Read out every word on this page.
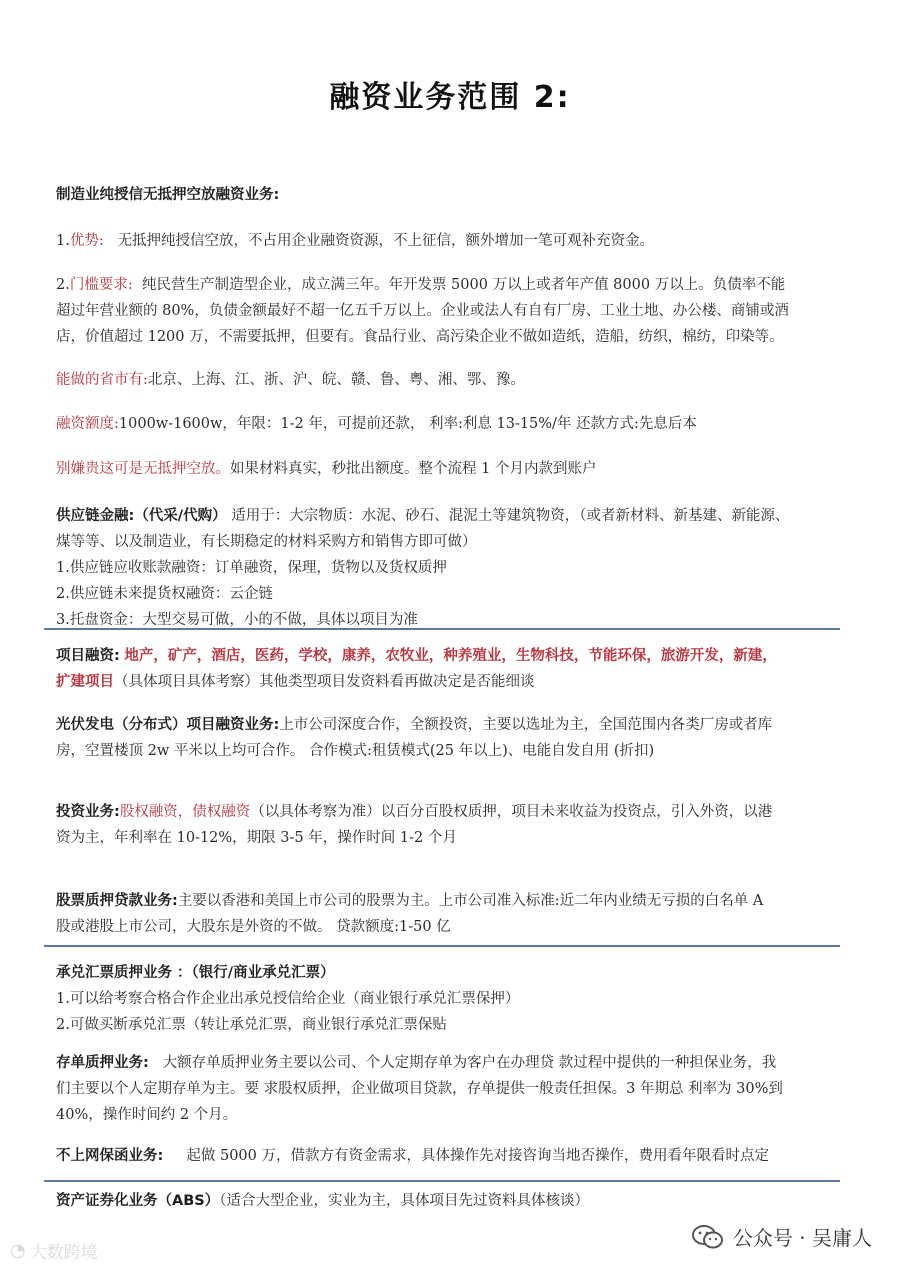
融资业务范围 2:
制造业纯授信无抵押空放融资业务:
1.优势: 无抵押纯授信空放，不占用企业融资资源，不上征信，额外增加一笔可观补充资金。
2.门槛要求: 纯民营生产制造型企业，成立满三年。年开发票 5000 万以上或者年产值 8000 万以上。负债率不能
超过年营业额的 80%，负债金额最好不超一亿五千万以上。企业或法人有自有厂房、工业土地、办公楼、商铺或酒
店，价值超过 1200 万，不需要抵押，但要有。食品行业、高污染企业不做如造纸，造船，纺织，棉纺，印染等。
能做的省市有:北京、上海、江、浙、沪、皖、赣、鲁、粤、湘、鄂、豫。
融资额度:1000w-1600w，年限：1-2 年，可提前还款， 利率:利息 13-15%/年 还款方式:先息后本
别嫌贵这可是无抵押空放。如果材料真实，秒批出额度。整个流程 1 个月内款到账户
供应链金融:（代采/代购） 适用于：大宗物质：水泥、砂石、混泥土等建筑物资，（或者新材料、新基建、新能源、
煤等等、以及制造业，有长期稳定的材料采购方和销售方即可做）
1.供应链应收账款融资：订单融资，保理，货物以及货权质押
2.供应链未来提货权融资：云企链
3.托盘资金：大型交易可做，小的不做，具体以项目为准
项目融资: 地产，矿产，酒店，医药，学校，康养，农牧业，种养殖业，生物科技，节能环保，旅游开发，新建，
扩建项目（具体项目具体考察）其他类型项目发资料看再做决定是否能细谈
光伏发电（分布式）项目融资业务:上市公司深度合作，全额投资，主要以选址为主，全国范围内各类厂房或者库
房，空置楼顶 2w 平米以上均可合作。 合作模式:租赁模式(25 年以上)、电能自发自用 (折扣)
投资业务:股权融资，债权融资（以具体考察为准）以百分百股权质押，项目未来收益为投资点，引入外资，以港
资为主，年利率在 10-12%，期限 3-5 年，操作时间 1-2 个月
股票质押贷款业务:主要以香港和美国上市公司的股票为主。上市公司准入标准:近二年内业绩无亏损的白名单 A
股或港股上市公司，大股东是外资的不做。 贷款额度:1-50 亿
承兑汇票质押业务 ：（银行/商业承兑汇票）
1.可以给考察合格合作企业出承兑授信给企业（商业银行承兑汇票保押）
2.可做买断承兑汇票（转让承兑汇票，商业银行承兑汇票保贴
存单质押业务: 大额存单质押业务主要以公司、个人定期存单为客户在办理贷 款过程中提供的一种担保业务，我
们主要以个人定期存单为主。要 求股权质押，企业做项目贷款，存单提供一般责任担保。3 年期总 利率为 30%到
40%，操作时间约 2 个月。
不上网保函业务: 起做 5000 万，借款方有资金需求，具体操作先对接咨询当地否操作，费用看年限看时点定
资产证券化业务（ABS）（适合大型企业，实业为主，具体项目先过资料具体核谈）
◔ 大数跨境
公众号 · 吴庸人
